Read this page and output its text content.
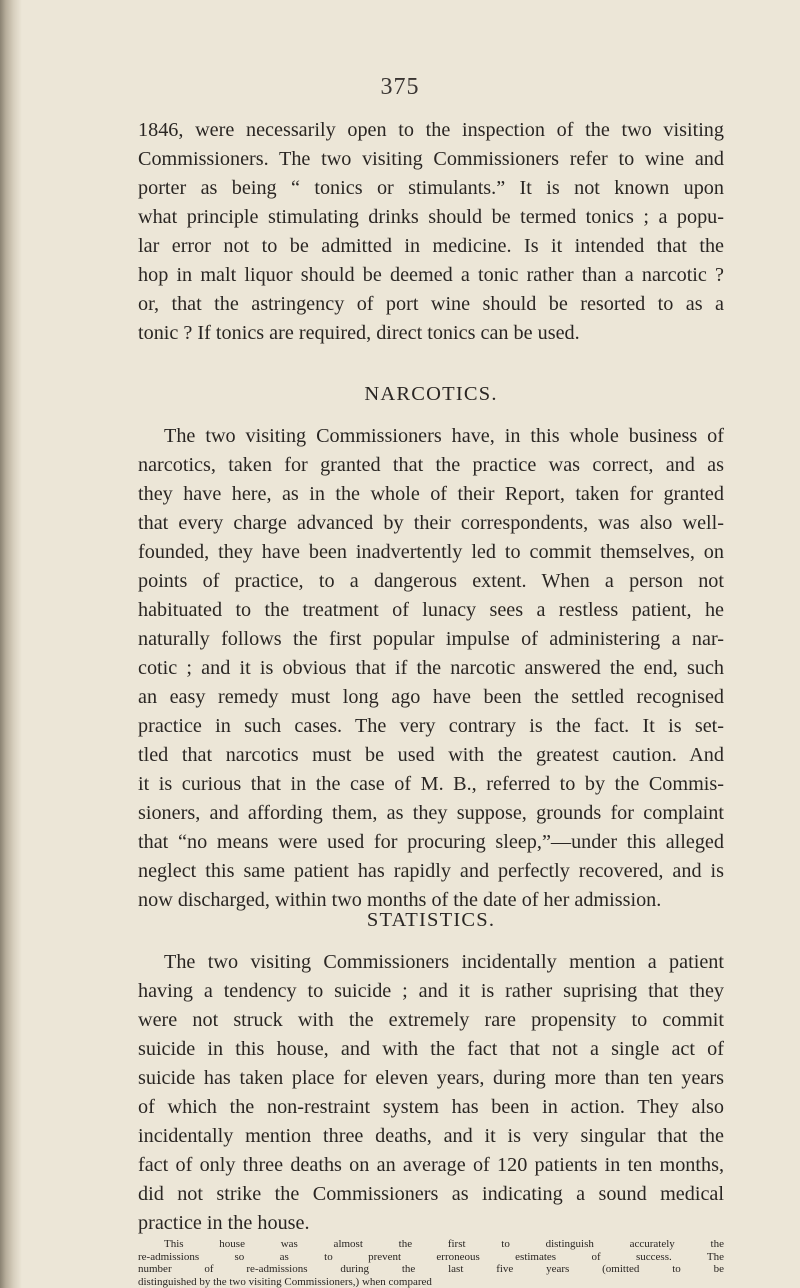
375
1846, were necessarily open to the inspection of the two visiting
Commissioners. The two visiting Commissioners refer to wine and
porter as being “ tonics or stimulants.” It is not known upon
what principle stimulating drinks should be termed tonics ; a popu-
lar error not to be admitted in medicine. Is it intended that the
hop in malt liquor should be deemed a tonic rather than a narcotic ?
or, that the astringency of port wine should be resorted to as a
tonic ? If tonics are required, direct tonics can be used.
NARCOTICS.
The two visiting Commissioners have, in this whole business of
narcotics, taken for granted that the practice was correct, and as
they have here, as in the whole of their Report, taken for granted
that every charge advanced by their correspondents, was also well-
founded, they have been inadvertently led to commit themselves, on
points of practice, to a dangerous extent. When a person not
habituated to the treatment of lunacy sees a restless patient, he
naturally follows the first popular impulse of administering a nar-
cotic ; and it is obvious that if the narcotic answered the end, such
an easy remedy must long ago have been the settled recognised
practice in such cases. The very contrary is the fact. It is set-
tled that narcotics must be used with the greatest caution. And
it is curious that in the case of M. B., referred to by the Commis-
sioners, and affording them, as they suppose, grounds for complaint
that “no means were used for procuring sleep,”—under this alleged
neglect this same patient has rapidly and perfectly recovered, and is
now discharged, within two months of the date of her admission.
STATISTICS.
The two visiting Commissioners incidentally mention a patient
having a tendency to suicide ; and it is rather suprising that they
were not struck with the extremely rare propensity to commit
suicide in this house, and with the fact that not a single act of
suicide has taken place for eleven years, during more than ten years
of which the non-restraint system has been in action. They also
incidentally mention three deaths, and it is very singular that the
fact of only three deaths on an average of 120 patients in ten months,
did not strike the Commissioners as indicating a sound medical
practice in the house.
This house was almost the first to distinguish accurately the
re-admissions so as to prevent erroneous estimates of success. The
number of re-admissions during the last five years (omitted to be
distinguished by the two visiting Commissioners,) when compared
